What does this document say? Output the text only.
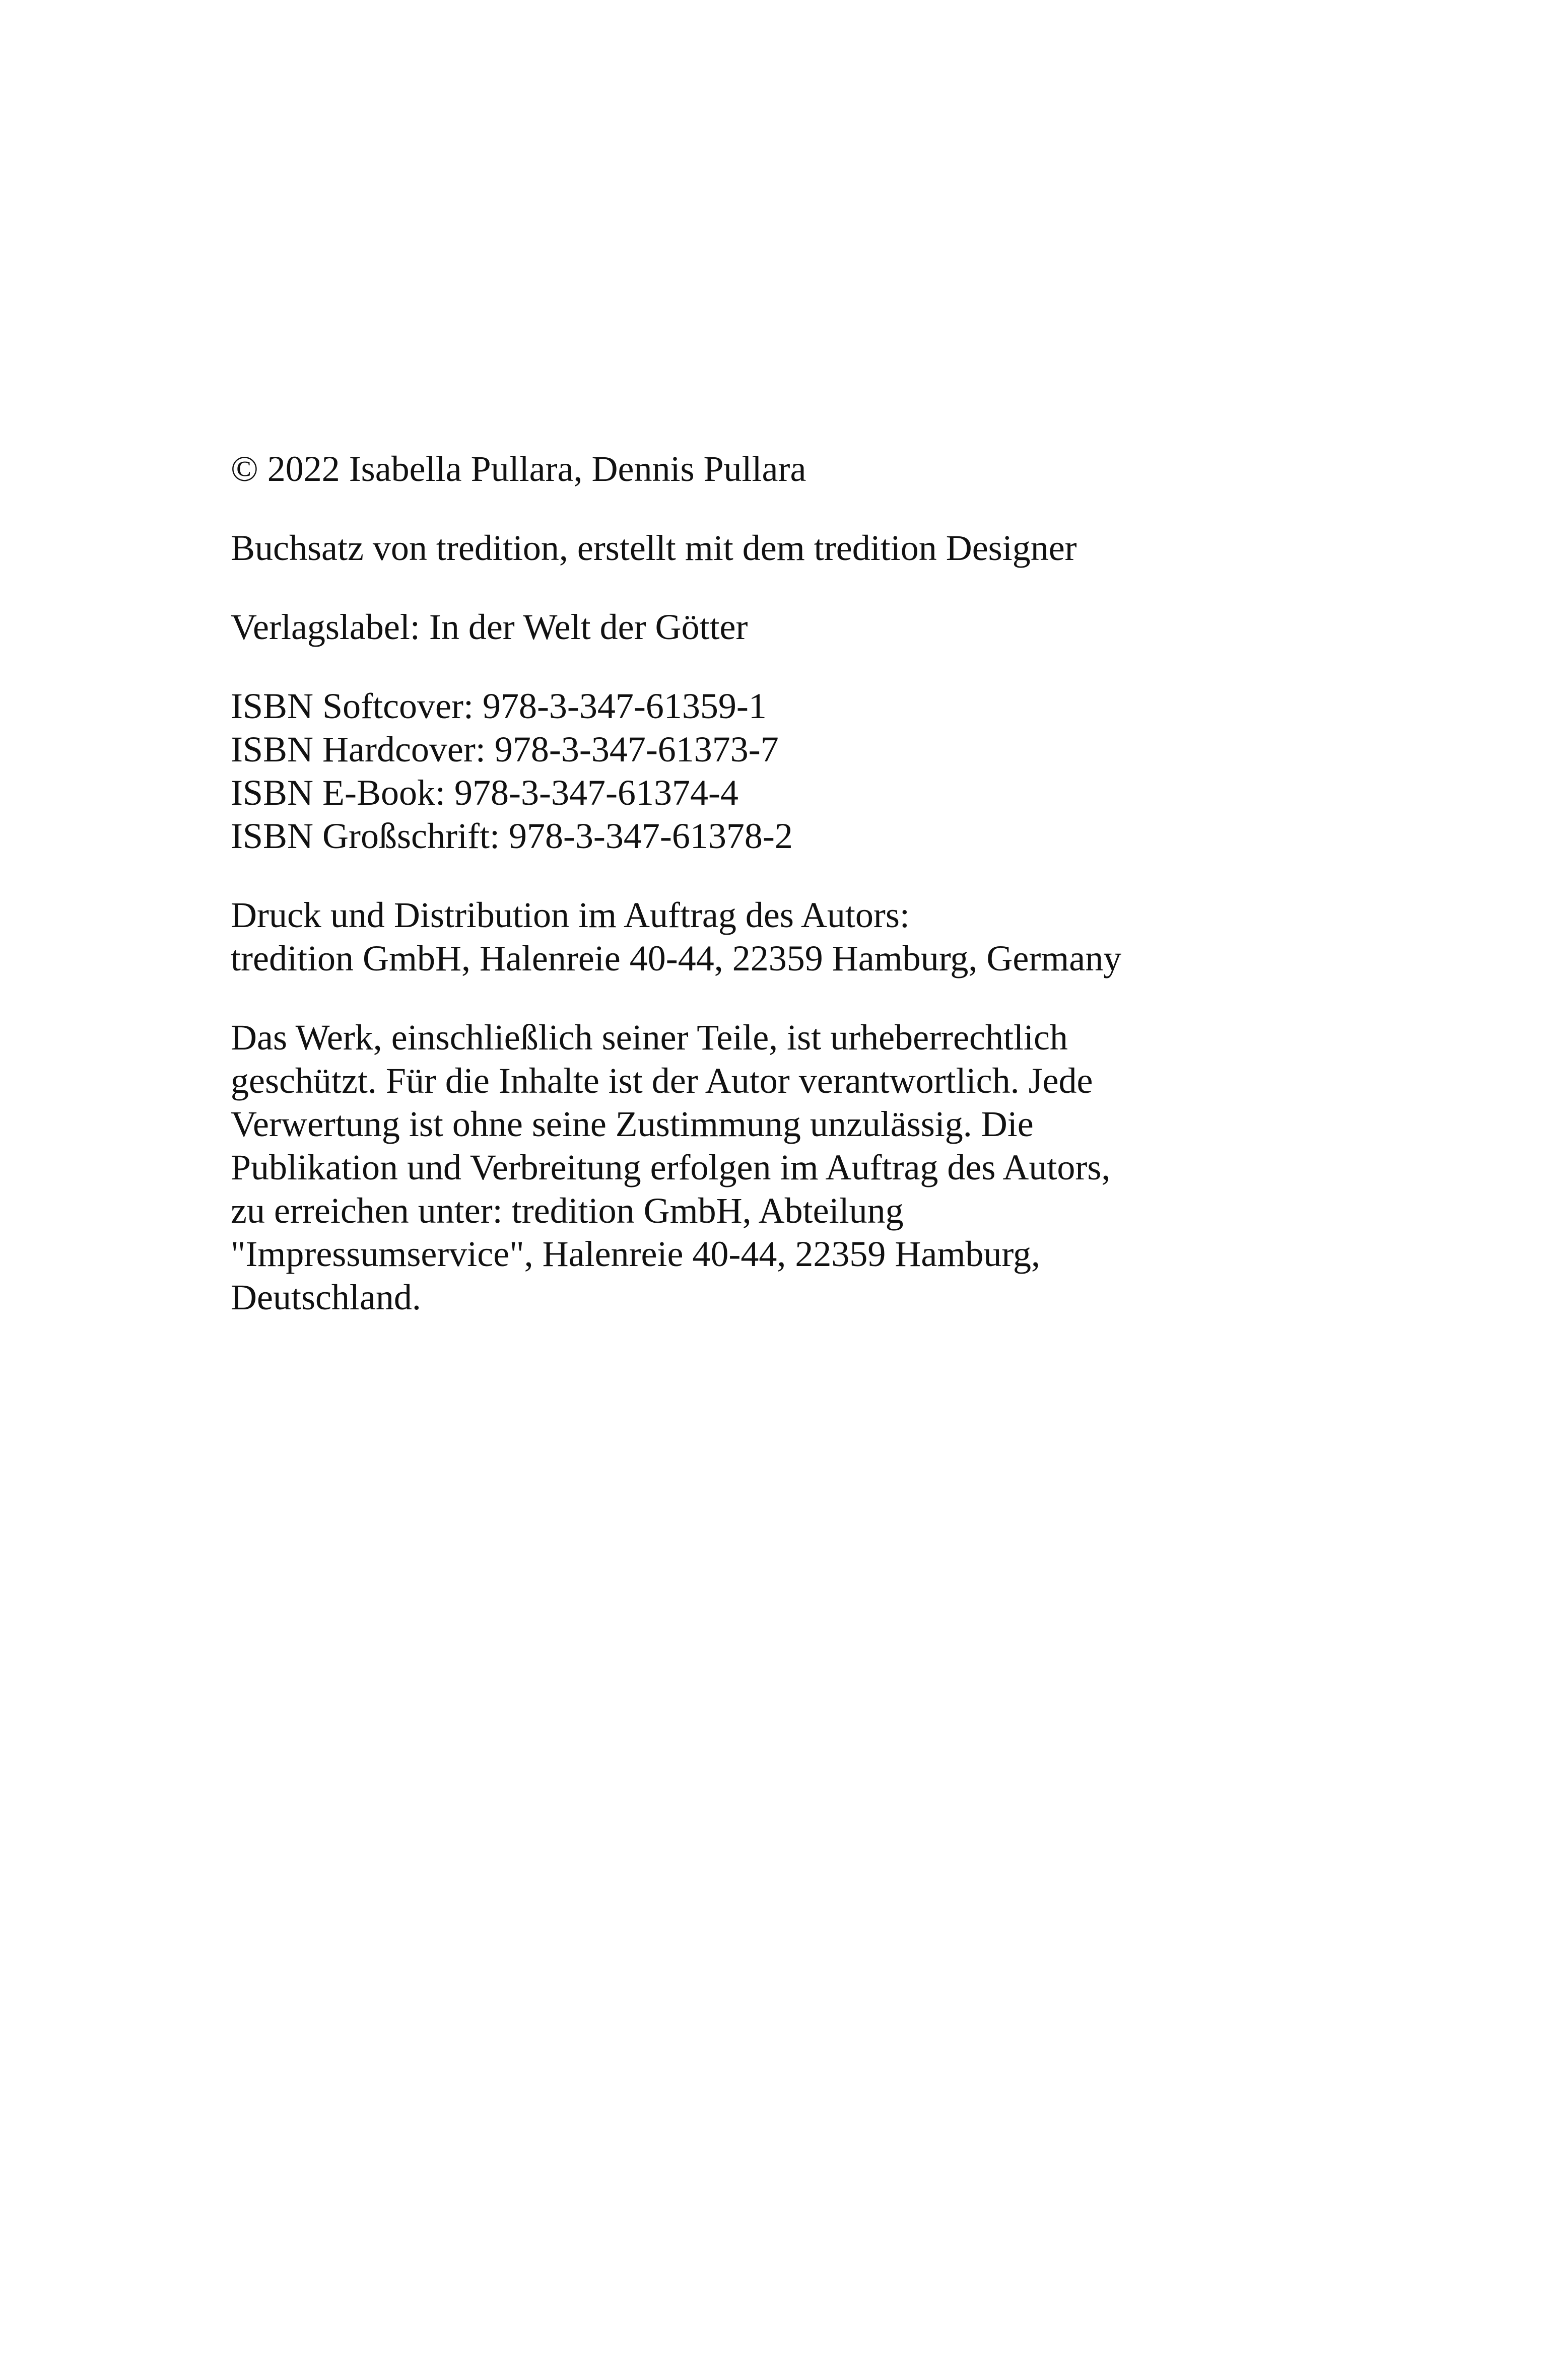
© 2022 Isabella Pullara, Dennis Pullara
Buchsatz von tredition, erstellt mit dem tredition Designer
Verlagslabel: In der Welt der Götter
ISBN Softcover: 978-3-347-61359-1
ISBN Hardcover: 978-3-347-61373-7
ISBN E-Book: 978-3-347-61374-4
ISBN Großschrift: 978-3-347-61378-2
Druck und Distribution im Auftrag des Autors:
tredition GmbH, Halenreie 40-44, 22359 Hamburg, Germany
Das Werk, einschließlich seiner Teile, ist urheberrechtlich
geschützt. Für die Inhalte ist der Autor verantwortlich. Jede
Verwertung ist ohne seine Zustimmung unzulässig. Die
Publikation und Verbreitung erfolgen im Auftrag des Autors,
zu erreichen unter: tredition GmbH, Abteilung
"Impressumservice", Halenreie 40-44, 22359 Hamburg,
Deutschland.
